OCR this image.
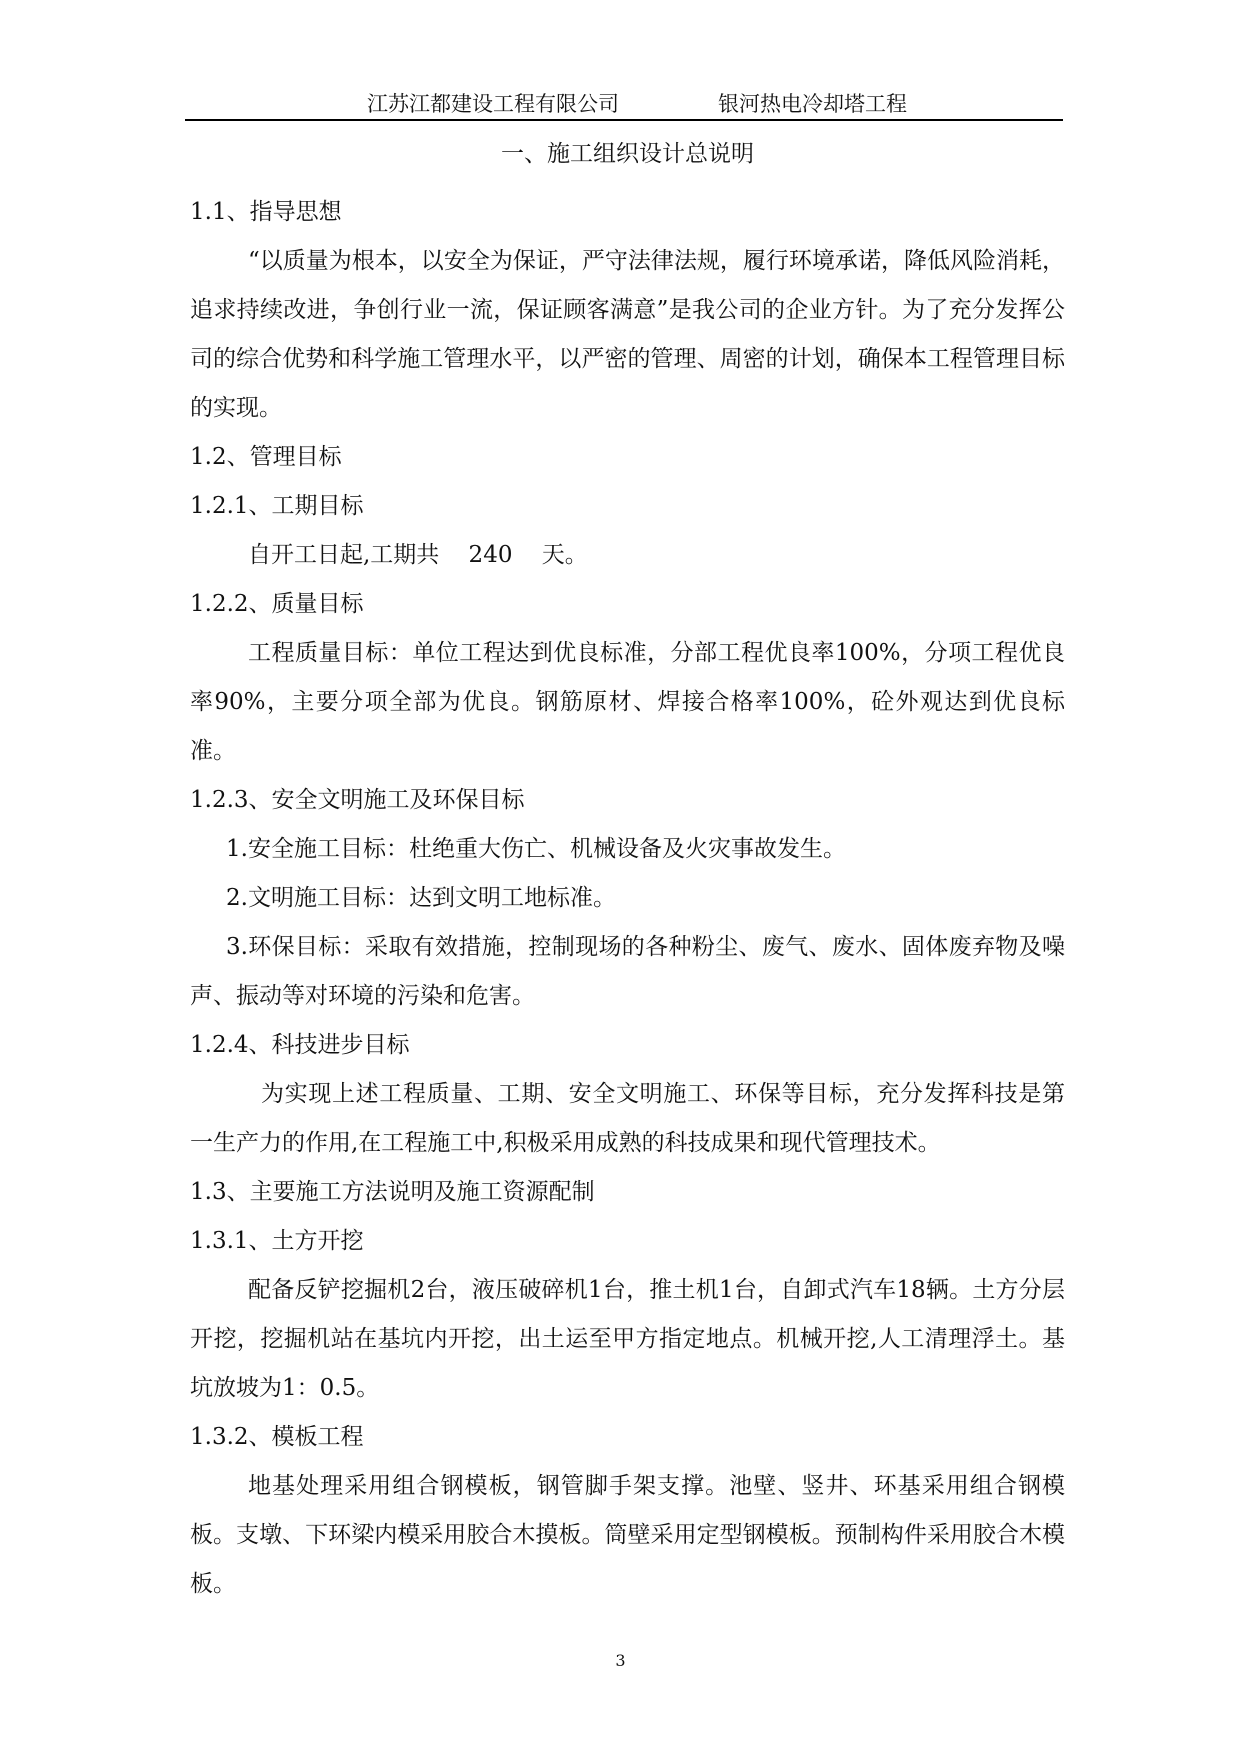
江苏江都建设工程有限公司	银河热电冷却塔工程
一、施工组织设计总说明
1.1、指导思想
“以质量为根本，以安全为保证，严守法律法规，履行环境承诺，降低风险消耗，追求持续改进，争创行业一流，保证顾客满意”是我公司的企业方针。为了充分发挥公司的综合优势和科学施工管理水平，以严密的管理、周密的计划，确保本工程管理目标的实现。
1.2、管理目标
1.2.1、工期目标
自开工日起,工期共    240    天。
1.2.2、质量目标
工程质量目标：单位工程达到优良标准，分部工程优良率100%，分项工程优良率90%，主要分项全部为优良。钢筋原材、焊接合格率100%，砼外观达到优良标准。
1.2.3、安全文明施工及环保目标
1.安全施工目标：杜绝重大伤亡、机械设备及火灾事故发生。
2.文明施工目标：达到文明工地标准。
3.环保目标：采取有效措施，控制现场的各种粉尘、废气、废水、固体废弃物及噪声、振动等对环境的污染和危害。
1.2.4、科技进步目标
为实现上述工程质量、工期、安全文明施工、环保等目标，充分发挥科技是第一生产力的作用,在工程施工中,积极采用成熟的科技成果和现代管理技术。
1.3、主要施工方法说明及施工资源配制
1.3.1、土方开挖
配备反铲挖掘机2台，液压破碎机1台，推土机1台，自卸式汽车18辆。土方分层开挖，挖掘机站在基坑内开挖，出土运至甲方指定地点。机械开挖,人工清理浮土。基坑放坡为1：0.5。
1.3.2、模板工程
地基处理采用组合钢模板，钢管脚手架支撑。池壁、竖井、环基采用组合钢模板。支墩、下环梁内模采用胶合木摸板。筒壁采用定型钢模板。预制构件采用胶合木模板。
3
